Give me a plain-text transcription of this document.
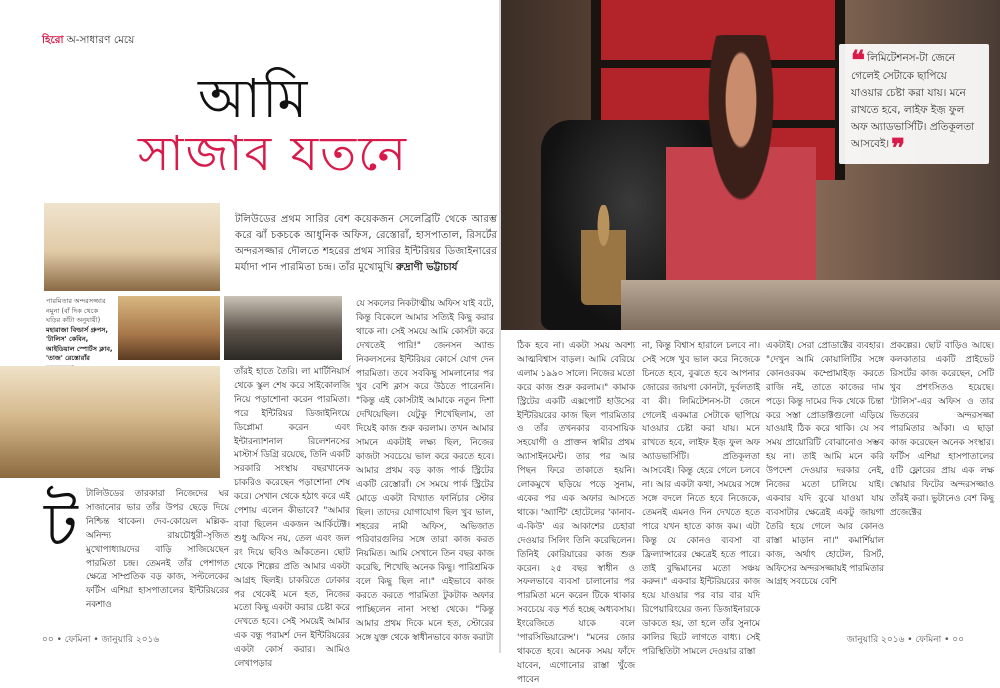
হিরো অ-সাধারণ মেয়ে
আমি
সাজাব যতনে
টলিউডের প্রথম সারির বেশ কয়েকজন সেলেব্রিটি থেকে আরম্ভ করে ঝাঁ চকচকে আধুনিক অফিস, রেস্তোরাঁ, হাসপাতাল, রিসর্টের অন্দরসজ্জার দৌলতে শহরের প্রথম সারির ইন্টিরিয়র ডিজাইনারের মর্যাদা পান পারমিতা চন্দ্র। তাঁর মুখোমুখি রুদ্রাণী ভট্টাচার্য
পারমিতার অন্দরসজ্জার নমুনা (বাঁ দিক থেকে ঘড়ির কাঁটা অনুযায়ী) মহারাজা বিল্ডার্স গ্রুপস, 'টালিস' কেবিন, আইডিয়াল স্পোর্টস ক্লাব, 'তাজ' রেস্তোরাঁর
তাঁরই হাতে তৈরি। লা মার্টিনিয়ার্স থেকে স্কুল শেষ করে সাইকোলজি নিয়ে পড়াশোনা করেন পারমিতা। পরে ইন্টিরিয়র ডিজাইনিংয়ে ডিপ্লোমা করেন এবং ইন্টারন্যাশনাল রিলেশনসের মাস্টার্স ডিগ্রি রয়েছে, তিনি একটি সরকারি সংস্থায় বছরখানেক চাকরিও করেছেন পড়াশোনা শেষ করে। সেখান থেকে হঠাৎ করে এই পেশায় এলেন কীভাবে? "আমার বাবা ছিলেন একজন আর্কিটেক্ট। শুধু অফিস নয়, তেল এবং জল রং দিয়ে ছবিও আঁকতেন। ছোট থেকে শিল্পের প্রতি আমার একটা আগ্রহ ছিলই। চাকরিতে ঢোকার পর থেকেই মনে হত, নিজের মতো কিছু একটা করার চেষ্টা করে দেখতে হবে। সেই সময়েই আমার এক বন্ধু পরামর্শ দেন ইন্টিরিয়রের একটা কোর্স করার। আমিও লেখাপড়ার
যে সকলের নিকটাত্মীয় অফিস যাই বটে, কিন্তু বিকেলে আমার সত্যিই কিছু করার থাকে না। সেই সময়ে আমি কোর্সটা করে দেখতেই পারি!" জেনসন অ্যান্ড নিকলসনের ইন্টিরিয়র কোর্সে যোগ দেন পারমিতা। তবে সবকিছু সামলানোর পর খুব বেশি ক্লাস করে উঠতে পারেননি। "কিন্তু এই কোর্সটাই আমাকে নতুন দিশা দেখিয়েছিল। যেটুকু শিখেছিলাম, তা দিয়েই কাজ শুরু করলাম। তখন আমার সামনে একটাই লক্ষ্য ছিল, নিজের কাজটা সবচেয়ে ভাল করে করতে হবে। আমার প্রথম বড় কাজ পার্ক স্ট্রিটের একটি রেস্তোরাঁ। সে সময়ে পার্ক স্ট্রিটের মোড়ে একটা বিখ্যাত ফার্নিচার স্টোর ছিল। তাদের যোগাযোগ ছিল খুব ভাল, শহরের নামী অফিস, অভিজাত পরিবারগুলির সঙ্গে তারা কাজ করত নিয়মিত। আমি সেখানে তিন বছর কাজ করেছি, শিখেছি অনেক কিছু। পারিশ্রমিক বলে কিছু ছিল না।" এইভাবে কাজ করতে করতে পারমিতা টুকটাক অফার পাচ্ছিলেন নানা সংস্থা থেকে। "কিন্তু আমার প্রথম দিকে মনে হত, স্টোরের সঙ্গে যুক্ত থেকে স্বাধীনভাবে কাজ করাটা
ট টালিউডের তারকারা নিজেদের ঘর সাজানোর ভার তাঁর উপর ছেড়ে দিয়ে নিশ্চিন্ত থাকেন। দেব-কোয়েল মল্লিক-অনিন্দ্য রায়চৌধুরী-সৃজিত মুখোপাধ্যায়দের বাড়ি সাজিয়েছেন পারমিতা চন্দ্র। তেমনই তাঁর পেশাগত ক্ষেত্রে সাম্প্রতিক বড় কাজ, সল্টলেকের ফর্টিস এশিয়া হাসপাতালের ইন্টিরিয়রের নকশাও
০০ • ফেমিনা • জানুয়ারি ২০১৬
❝ লিমিটেশনস-টা জেনে গেলেই সেটাকে ছাপিয়ে যাওয়ার চেষ্টা করা যায়। মনে রাখতে হবে, লাইফ ইজ় ফুল অফ অ্যাডভার্সিটি। প্রতিকূলতা আসবেই।❞
ঠিক হবে না। একটা সময় অবশ্য আত্মবিশ্বাস বাড়ল। আমি বেরিয়ে এলাম ১৯৯০ সালে। নিজের মতো করে কাজ শুরু করলাম।" কামাক স্ট্রিটের একটি এক্সপোর্ট হাউসের ইন্টিরিয়রের কাজ ছিল পারমিতার ও তাঁর তখনকার ব্যবসায়িক সহযোগী ও প্রাক্তন স্বামীর প্রথম অ্যাসাইনমেন্ট। তার পর আর পিছন ফিরে তাকাতে হয়নি। লোকমুখে ছড়িয়ে পড়ে সুনাম, একের পর এক অফার আসতে থাকে। 'অ্যান্টি' হোটেলের 'কানাব-এ-কিউ' এর আকাশের চেহারা দেওয়ার সিলিং তিনি করেছিলেন। তিনিই কোরিয়ারের কাজ শুরু করেন। ২৫ বছর স্বাধীন ও সফলভাবে ব্যবসা চালানোর পর পারমিতা মনে করেন টিকে থাকার সবচেয়ে বড় শর্ত হচ্ছে অধ্যবসায়। ইংরেজিতে যাকে বলে 'পারসিভিয়ারেন্স'। "মনের জোর থাকতে হবে। অনেক সময় ফাঁদে যাবেন, এগোনোর রাস্তা খুঁজে পাবেন
না, কিন্তু বিশ্বাস হারালে চলবে না। সেই সঙ্গে খুব ভাল করে নিজেকে চিনতে হবে, বুঝতে হবে আপনার জোরের জায়গা কোনটা, দুর্বলতাই বা কী। লিমিটেশনস-টা জেনে গেলেই একমাত্র সেটাকে ছাপিয়ে যাওয়ার চেষ্টা করা যায়। মনে রাখতে হবে, লাইফ ইজ় ফুল অফ অ্যাডভার্সিটি। প্রতিকূলতা আসবেই। কিন্তু হেরে গেলে চলবে না। আর একটা কথা, সময়ের সঙ্গে সঙ্গে বদলে নিতে হবে নিজেকে, তেমনই এমনও দিন দেখতে হতে পারে যখন হাতে কাজ কম। এটা কিন্তু যে কোনও ব্যবসা বা ফ্রিল্যান্সারের ক্ষেত্রেই হতে পারে। তাই বুদ্ধিমানের মতো সঞ্চয় করুন।" একবার ইন্টিরিয়রের কাজ হয়ে যাওয়ার পর বার বার যদি রিপেয়ারিংয়ের জন্য ডিজাইনারকে ডাকতে হয়, তা হলে তাঁর সুনামে কালির ছিটে লাগতে বাধ্য। সেই পরিস্থিতিটা সামলে দেওয়ার রাস্তা
একটাই। সেরা প্রোডাক্টের ব্যবহার। "দেখুন আমি কোয়ালিটির সঙ্গে কোনওরকম কম্প্রোমাইজ় করতে রাজি নই, তাতে কাজের দাম পড়ে। কিন্তু দামের দিক থেকে চিন্তা করে সস্তা প্রোডাক্টগুলো এড়িয়ে যাওয়াই ঠিক করে থাকি। যে সব সময় প্রায়োরিটি বোঝানোও সম্ভব হয় না। তাই আমি মনে করি উপদেশ দেওয়ার দরকার নেই, নিজের মতো চালিয়ে যাই। একবার যদি বুঝে যাওয়া যায় ব্যবসাটার ক্ষেত্রেই একটু জায়গা তৈরি হয়ে গেলে আর কোনও রাস্তা মাড়ান না।" কমার্শিয়াল কাজ, অর্থাৎ হোটেল, রিসর্ট, অফিসের অন্দরসজ্জায়ই পারমিতার আগ্রহ সবচেয়ে বেশি
প্রকল্পের। ছোট বাড়িও আছে। কলকাতার একটি প্রাইভেট রিসর্টের কাজ করেছেন, সেটি খুব প্রশংসিতও হয়েছে। 'টালিস'-এর অফিস ও তার ভিতরের অন্দরসজ্জা পারমিতার আঁকা। এ ছাড়া কাজ করেছেন অনেক সংস্থার। ফর্টিস এশিয়া হাসপাতালের ৫টি ফ্লোরের প্রায় এক লক্ষ স্কোয়ার ফিটের অন্দরসজ্জাও তাঁরই করা। ভুটানেও বেশ কিছু প্রজেক্টের
জানুয়ারি ২০১৬ • ফেমিনা • ০০
